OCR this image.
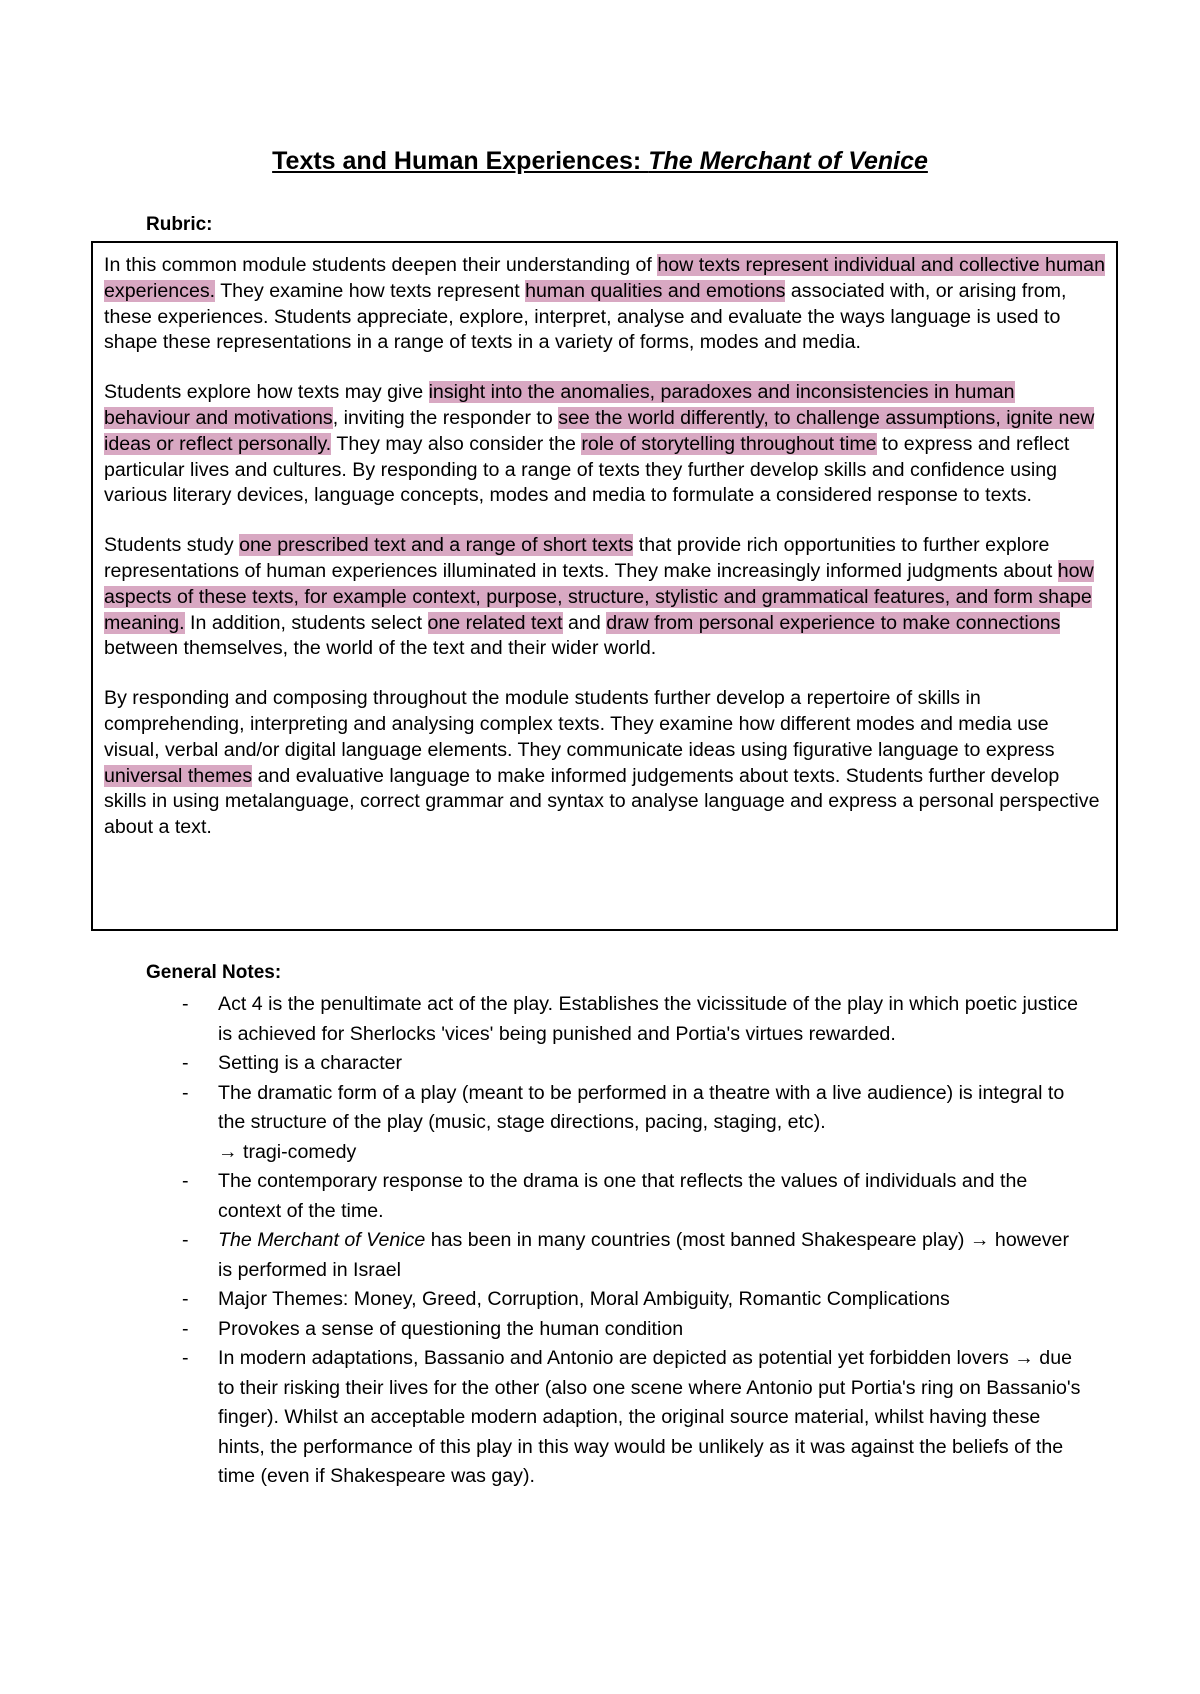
Texts and Human Experiences: The Merchant of Venice
Rubric:

In this common module students deepen their understanding of how texts represent individual and collective human experiences. They examine how texts represent human qualities and emotions associated with, or arising from, these experiences. Students appreciate, explore, interpret, analyse and evaluate the ways language is used to shape these representations in a range of texts in a variety of forms, modes and media.

Students explore how texts may give insight into the anomalies, paradoxes and inconsistencies in human behaviour and motivations, inviting the responder to see the world differently, to challenge assumptions, ignite new ideas or reflect personally. They may also consider the role of storytelling throughout time to express and reflect particular lives and cultures. By responding to a range of texts they further develop skills and confidence using various literary devices, language concepts, modes and media to formulate a considered response to texts.

Students study one prescribed text and a range of short texts that provide rich opportunities to further explore representations of human experiences illuminated in texts. They make increasingly informed judgments about how aspects of these texts, for example context, purpose, structure, stylistic and grammatical features, and form shape meaning. In addition, students select one related text and draw from personal experience to make connections between themselves, the world of the text and their wider world.

By responding and composing throughout the module students further develop a repertoire of skills in comprehending, interpreting and analysing complex texts. They examine how different modes and media use visual, verbal and/or digital language elements. They communicate ideas using figurative language to express universal themes and evaluative language to make informed judgements about texts. Students further develop skills in using metalanguage, correct grammar and syntax to analyse language and express a personal perspective about a text.

General Notes:
- Act 4 is the penultimate act of the play. Establishes the vicissitude of the play in which poetic justice is achieved for Sherlocks 'vices' being punished and Portia's virtues rewarded.
- Setting is a character
- The dramatic form of a play (meant to be performed in a theatre with a live audience) is integral to the structure of the play (music, stage directions, pacing, staging, etc).
→ tragi-comedy
- The contemporary response to the drama is one that reflects the values of individuals and the context of the time.
- The Merchant of Venice has been in many countries (most banned Shakespeare play) → however is performed in Israel
- Major Themes: Money, Greed, Corruption, Moral Ambiguity, Romantic Complications
- Provokes a sense of questioning the human condition
- In modern adaptations, Bassanio and Antonio are depicted as potential yet forbidden lovers → due to their risking their lives for the other (also one scene where Antonio put Portia's ring on Bassanio's finger). Whilst an acceptable modern adaption, the original source material, whilst having these hints, the performance of this play in this way would be unlikely as it was against the beliefs of the time (even if Shakespeare was gay).
